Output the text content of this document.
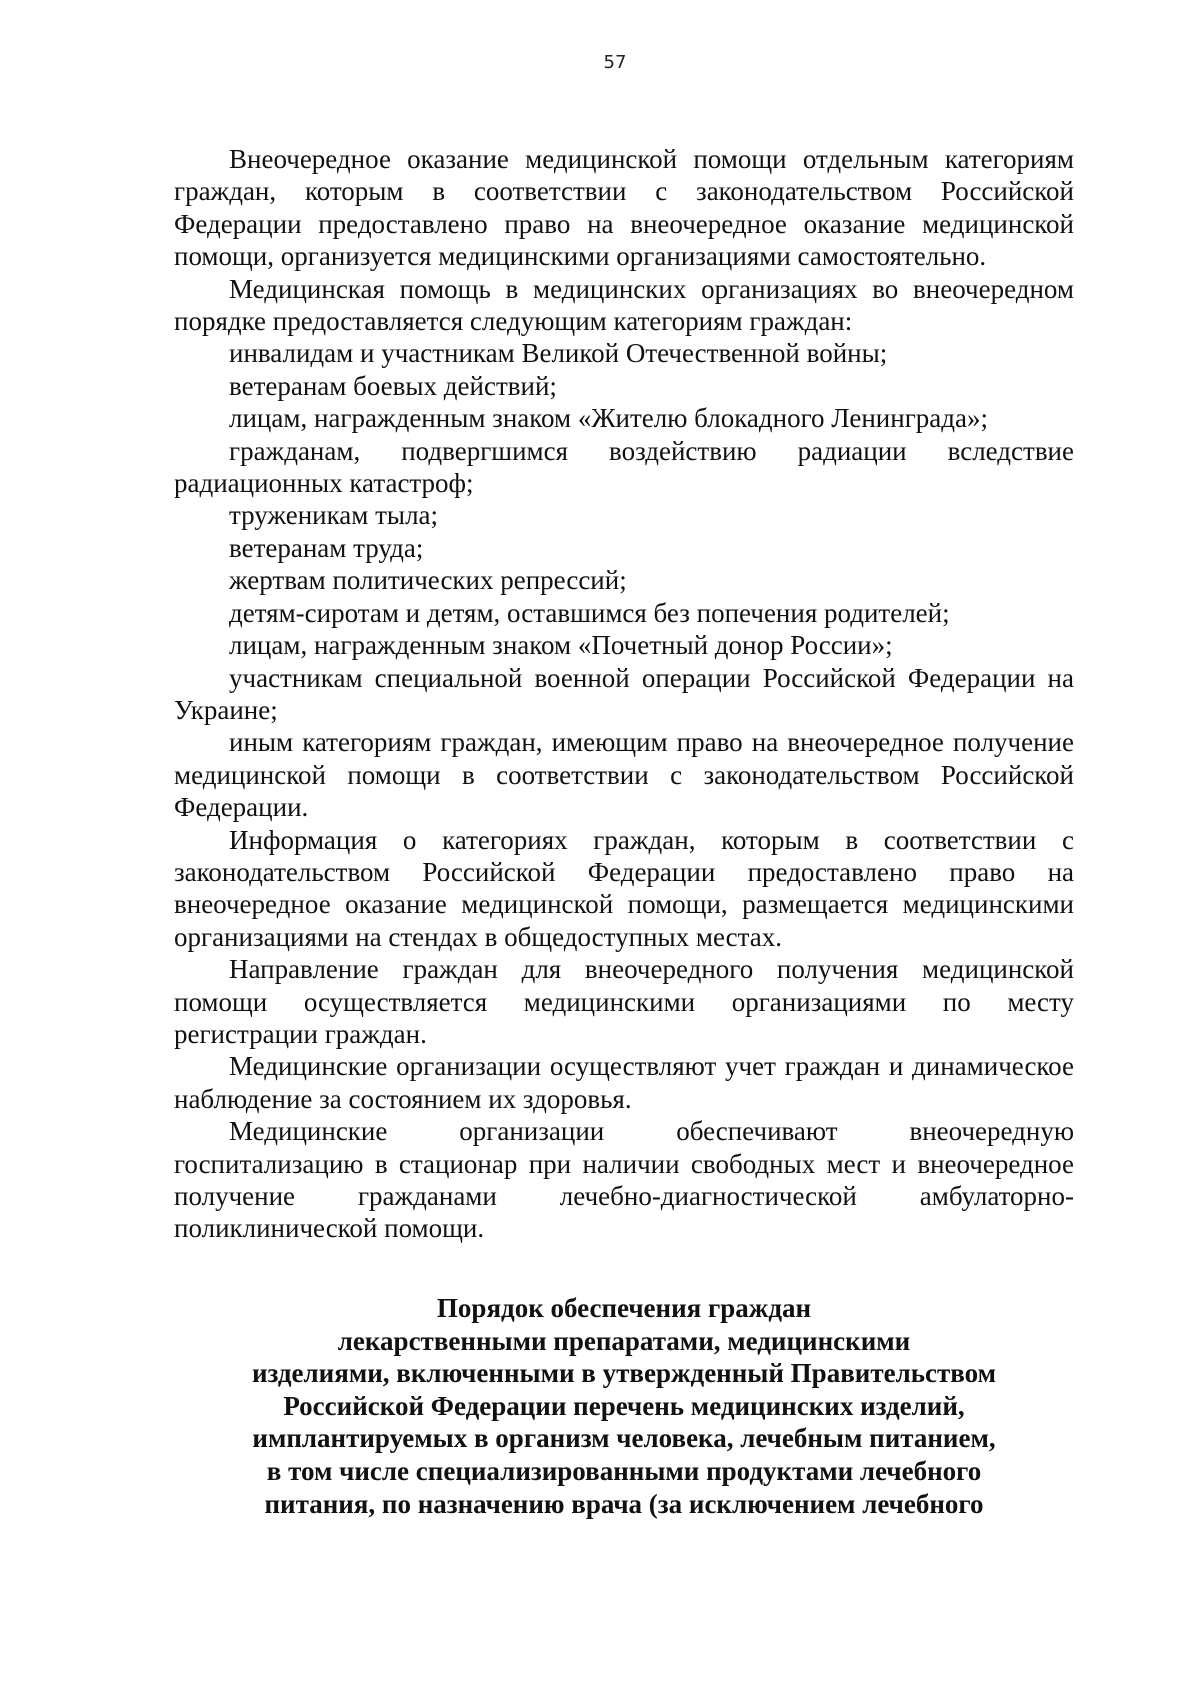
57

Внеочередное оказание медицинской помощи отдельным категориям граждан, которым в соответствии с законодательством Российской Федерации предоставлено право на внеочередное оказание медицинской помощи, организуется медицинскими организациями самостоятельно.

Медицинская помощь в медицинских организациях во внеочередном порядке предоставляется следующим категориям граждан:

инвалидам и участникам Великой Отечественной войны;

ветеранам боевых действий;

лицам, награжденным знаком «Жителю блокадного Ленинграда»;

гражданам, подвергшимся воздействию радиации вследствие радиационных катастроф;

труженикам тыла;

ветеранам труда;

жертвам политических репрессий;

детям-сиротам и детям, оставшимся без попечения родителей;

лицам, награжденным знаком «Почетный донор России»;

участникам специальной военной операции Российской Федерации на Украине;

иным категориям граждан, имеющим право на внеочередное получение медицинской помощи в соответствии с законодательством Российской Федерации.

Информация о категориях граждан, которым в соответствии с законодательством Российской Федерации предоставлено право на внеочередное оказание медицинской помощи, размещается медицинскими организациями на стендах в общедоступных местах.

Направление граждан для внеочередного получения медицинской помощи осуществляется медицинскими организациями по месту регистрации граждан.

Медицинские организации осуществляют учет граждан и динамическое наблюдение за состоянием их здоровья.

Медицинские организации обеспечивают внеочередную госпитализацию в стационар при наличии свободных мест и внеочередное получение гражданами лечебно-диагностической амбулаторно-поликлинической помощи.

Порядок обеспечения граждан
лекарственными препаратами, медицинскими
изделиями, включенными в утвержденный Правительством
Российской Федерации перечень медицинских изделий,
имплантируемых в организм человека, лечебным питанием,
в том числе специализированными продуктами лечебного
питания, по назначению врача (за исключением лечебного
